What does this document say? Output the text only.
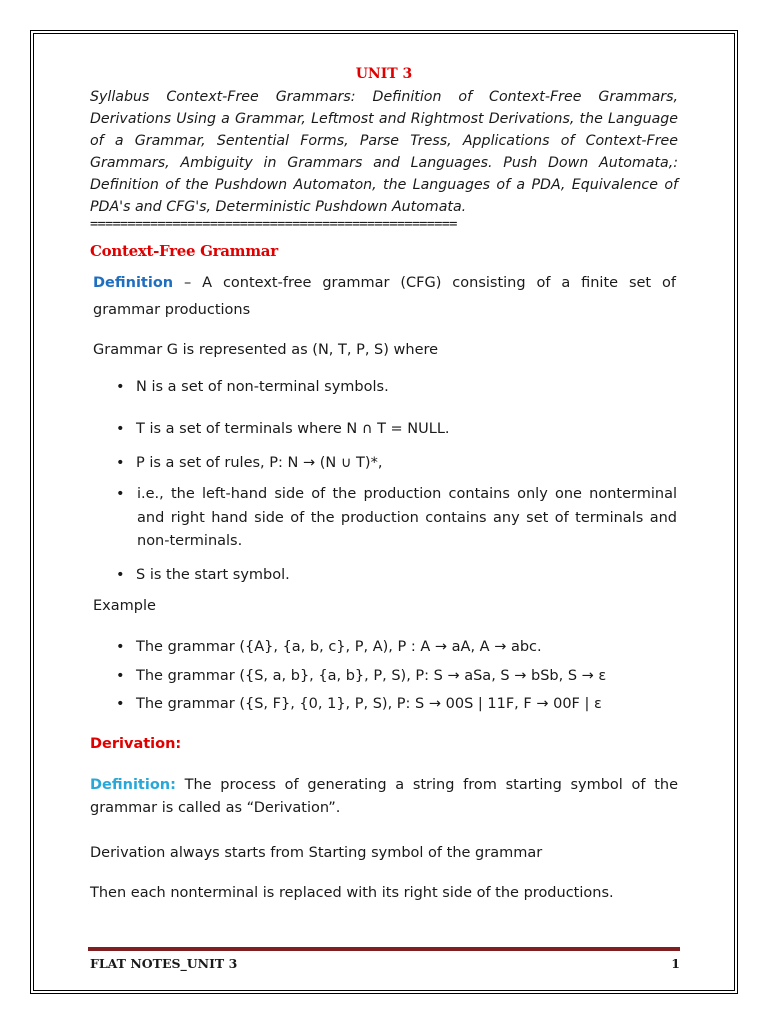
UNIT 3
Syllabus Context-Free Grammars: Definition of Context-Free Grammars, Derivations Using a Grammar, Leftmost and Rightmost Derivations, the Language of a Grammar, Sentential Forms, Parse Tress, Applications of Context-Free Grammars, Ambiguity in Grammars and Languages. Push Down Automata,: Definition of the Pushdown Automaton, the Languages of a PDA, Equivalence of PDA's and CFG's, Deterministic Pushdown Automata.
=================================================
Context-Free Grammar
Definition – A context-free grammar (CFG) consisting of a finite set of grammar productions
Grammar G is represented as (N, T, P, S) where
• N is a set of non-terminal symbols.
• T is a set of terminals where N ∩ T = NULL.
• P is a set of rules, P: N → (N ∪ T)*,
• i.e., the left-hand side of the production contains only one nonterminal and right hand side of the production contains any set of terminals and non-terminals.
• S is the start symbol.
Example
• The grammar ({A}, {a, b, c}, P, A), P : A → aA, A → abc.
• The grammar ({S, a, b}, {a, b}, P, S), P: S → aSa, S → bSb, S → ε
• The grammar ({S, F}, {0, 1}, P, S), P: S → 00S | 11F, F → 00F | ε
Derivation:
Definition: The process of generating a string from starting symbol of the grammar is called as “Derivation”.
Derivation always starts from Starting symbol of the grammar
Then each nonterminal is replaced with its right side of the productions.
FLAT NOTES_UNIT 3	1
